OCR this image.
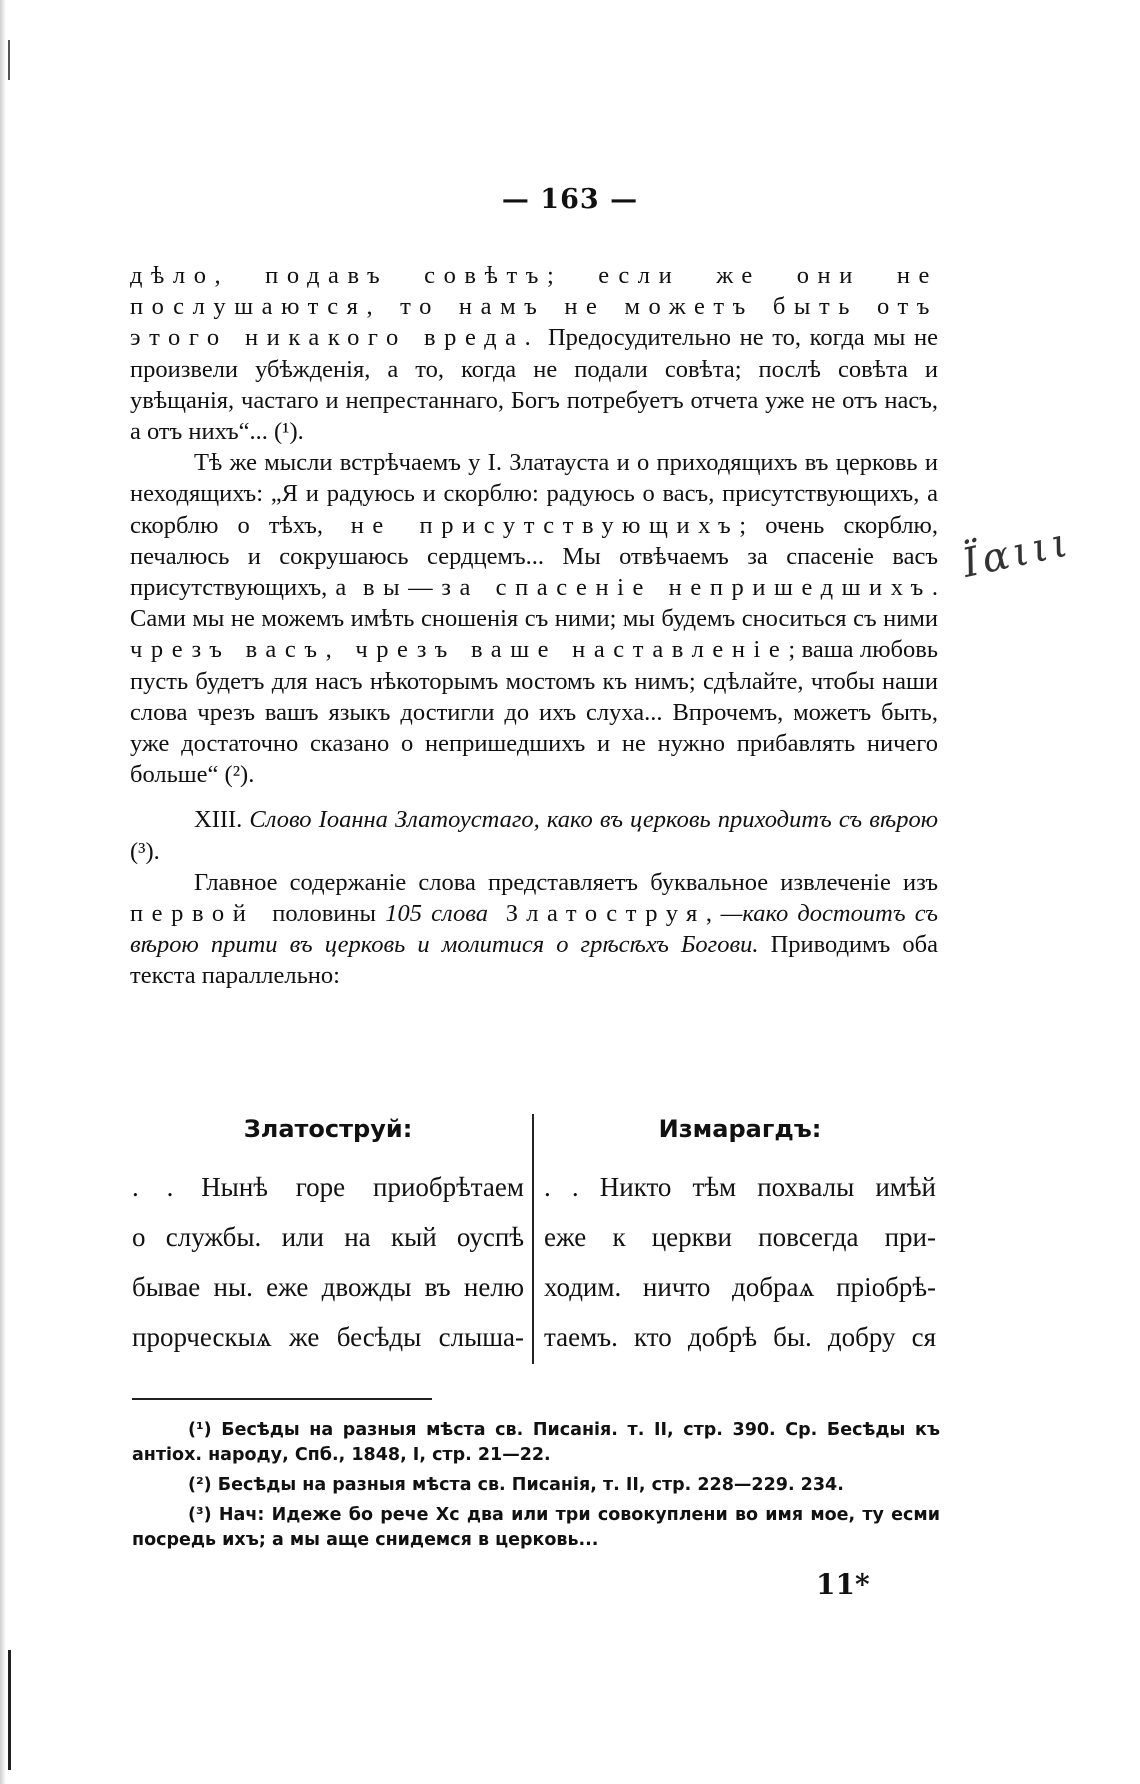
— 163 —
Ϊαιιι

дѣло, подавъ совѣтъ; если же они не послушаются, то намъ не можетъ быть отъ этого никакого вреда. Предосудительно не то, когда мы не произвели убѣжденія, а то, когда не подали совѣта; послѣ совѣта и увѣщанія, частаго и непрестаннаго, Богъ потребуетъ отчета уже не отъ насъ, а отъ нихъ“... (¹).

Тѣ же мысли встрѣчаемъ у І. Златауста и о приходящихъ въ церковь и неходящихъ: „Я и радуюсь и скорблю: радуюсь о васъ, присутствующихъ, а скорблю о тѣхъ, не присутствующихъ; очень скорблю, печалюсь и сокрушаюсь сердцемъ... Мы отвѣчаемъ за спасеніе васъ присутствующихъ, а вы—за спасеніе непришедшихъ. Сами мы не можемъ имѣть сношенія съ ними; мы будемъ сноситься съ ними чрезъ васъ, чрезъ ваше наставленіе; ваша любовь пусть будетъ для насъ нѣкоторымъ мостомъ къ нимъ; сдѣлайте, чтобы наши слова чрезъ вашъ языкъ достигли до ихъ слуха... Впрочемъ, можетъ быть, уже достаточно сказано о непришедшихъ и не нужно прибавлять ничего больше“ (²).

XIII. Слово Іоанна Златоустаго, како въ церковь приходитъ съ вѣрою (³).

Главное содержаніе слова представляетъ буквальное извлеченіе изъ первой половины 105 слова Златоструя,—како достоитъ съ вѣрою прити въ церковь и молитися о грѣсѣхъ Богови. Приводимъ оба текста параллельно:

Златоструй:
. . Нынѣ горе приобрѣтаем
о службы. или на кый оуспѣ
бываe ны. еже двожды въ нелю
прорческыѧ же бесѣды слыша-
Измарагдъ:
. . Никто тѣм похвалы имѣй
еже к церкви повсегда при-
ходим. ничто добраѧ пріобрѣ-
таемъ. кто добрѣ бы. добру ся

(¹) Бесѣды на разныя мѣста св. Писанія. т. II, стр. 390. Ср. Бесѣды къ антіох. народу, Спб., 1848, I, стр. 21—22.

(²) Бесѣды на разныя мѣста св. Писанія, т. II, стр. 228—229. 234.

(³) Нач: Идеже бо рече Хс два или три совокуплени во имя мое, ту есми посредь ихъ; а мы аще снидемся в церковь...

11*
